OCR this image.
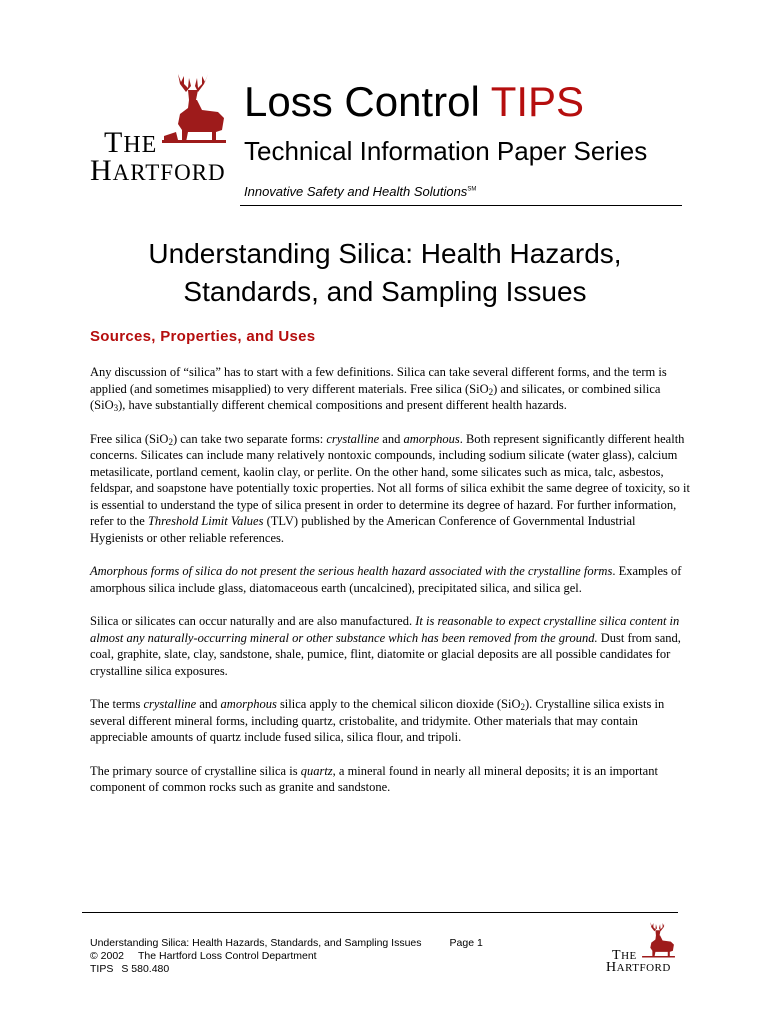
THE
HARTFORD
Loss Control TIPS
Technical Information Paper Series
Innovative Safety and Health Solutions℠
Understanding Silica: Health Hazards,
Standards, and Sampling Issues
Sources, Properties, and Uses

Any discussion of “silica” has to start with a few definitions. Silica can take several different forms, and the term is applied (and sometimes misapplied) to very different materials. Free silica (SiO$_2$) and silicates, or combined silica (SiO$_3$), have substantially different chemical compositions and present different health hazards.

Free silica (SiO$_2$) can take two separate forms: crystalline and amorphous. Both represent significantly different health concerns. Silicates can include many relatively nontoxic compounds, including sodium silicate (water glass), calcium metasilicate, portland cement, kaolin clay, or perlite. On the other hand, some silicates such as mica, talc, asbestos, feldspar, and soapstone have potentially toxic properties. Not all forms of silica exhibit the same degree of toxicity, so it is essential to understand the type of silica present in order to determine its degree of hazard. For further information, refer to the Threshold Limit Values (TLV) published by the American Conference of Governmental Industrial Hygienists or other reliable references.

Amorphous forms of silica do not present the serious health hazard associated with the crystalline forms. Examples of amorphous silica include glass, diatomaceous earth (uncalcined), precipitated silica, and silica gel.

Silica or silicates can occur naturally and are also manufactured. It is reasonable to expect crystalline silica content in almost any naturally-occurring mineral or other substance which has been removed from the ground. Dust from sand, coal, graphite, slate, clay, sandstone, shale, pumice, flint, diatomite or glacial deposits are all possible candidates for crystalline silica exposures.

The terms crystalline and amorphous silica apply to the chemical silicon dioxide (SiO$_2$). Crystalline silica exists in several different mineral forms, including quartz, cristobalite, and tridymite. Other materials that may contain appreciable amounts of quartz include fused silica, silica flour, and tripoli.

The primary source of crystalline silica is quartz, a mineral found in nearly all mineral deposits; it is an important component of common rocks such as granite and sandstone.

Understanding Silica: Health Hazards, Standards, and Sampling Issues	Page 1
© 2002 The Hartford Loss Control Department
TIPS S 580.480
THE
HARTFORD
